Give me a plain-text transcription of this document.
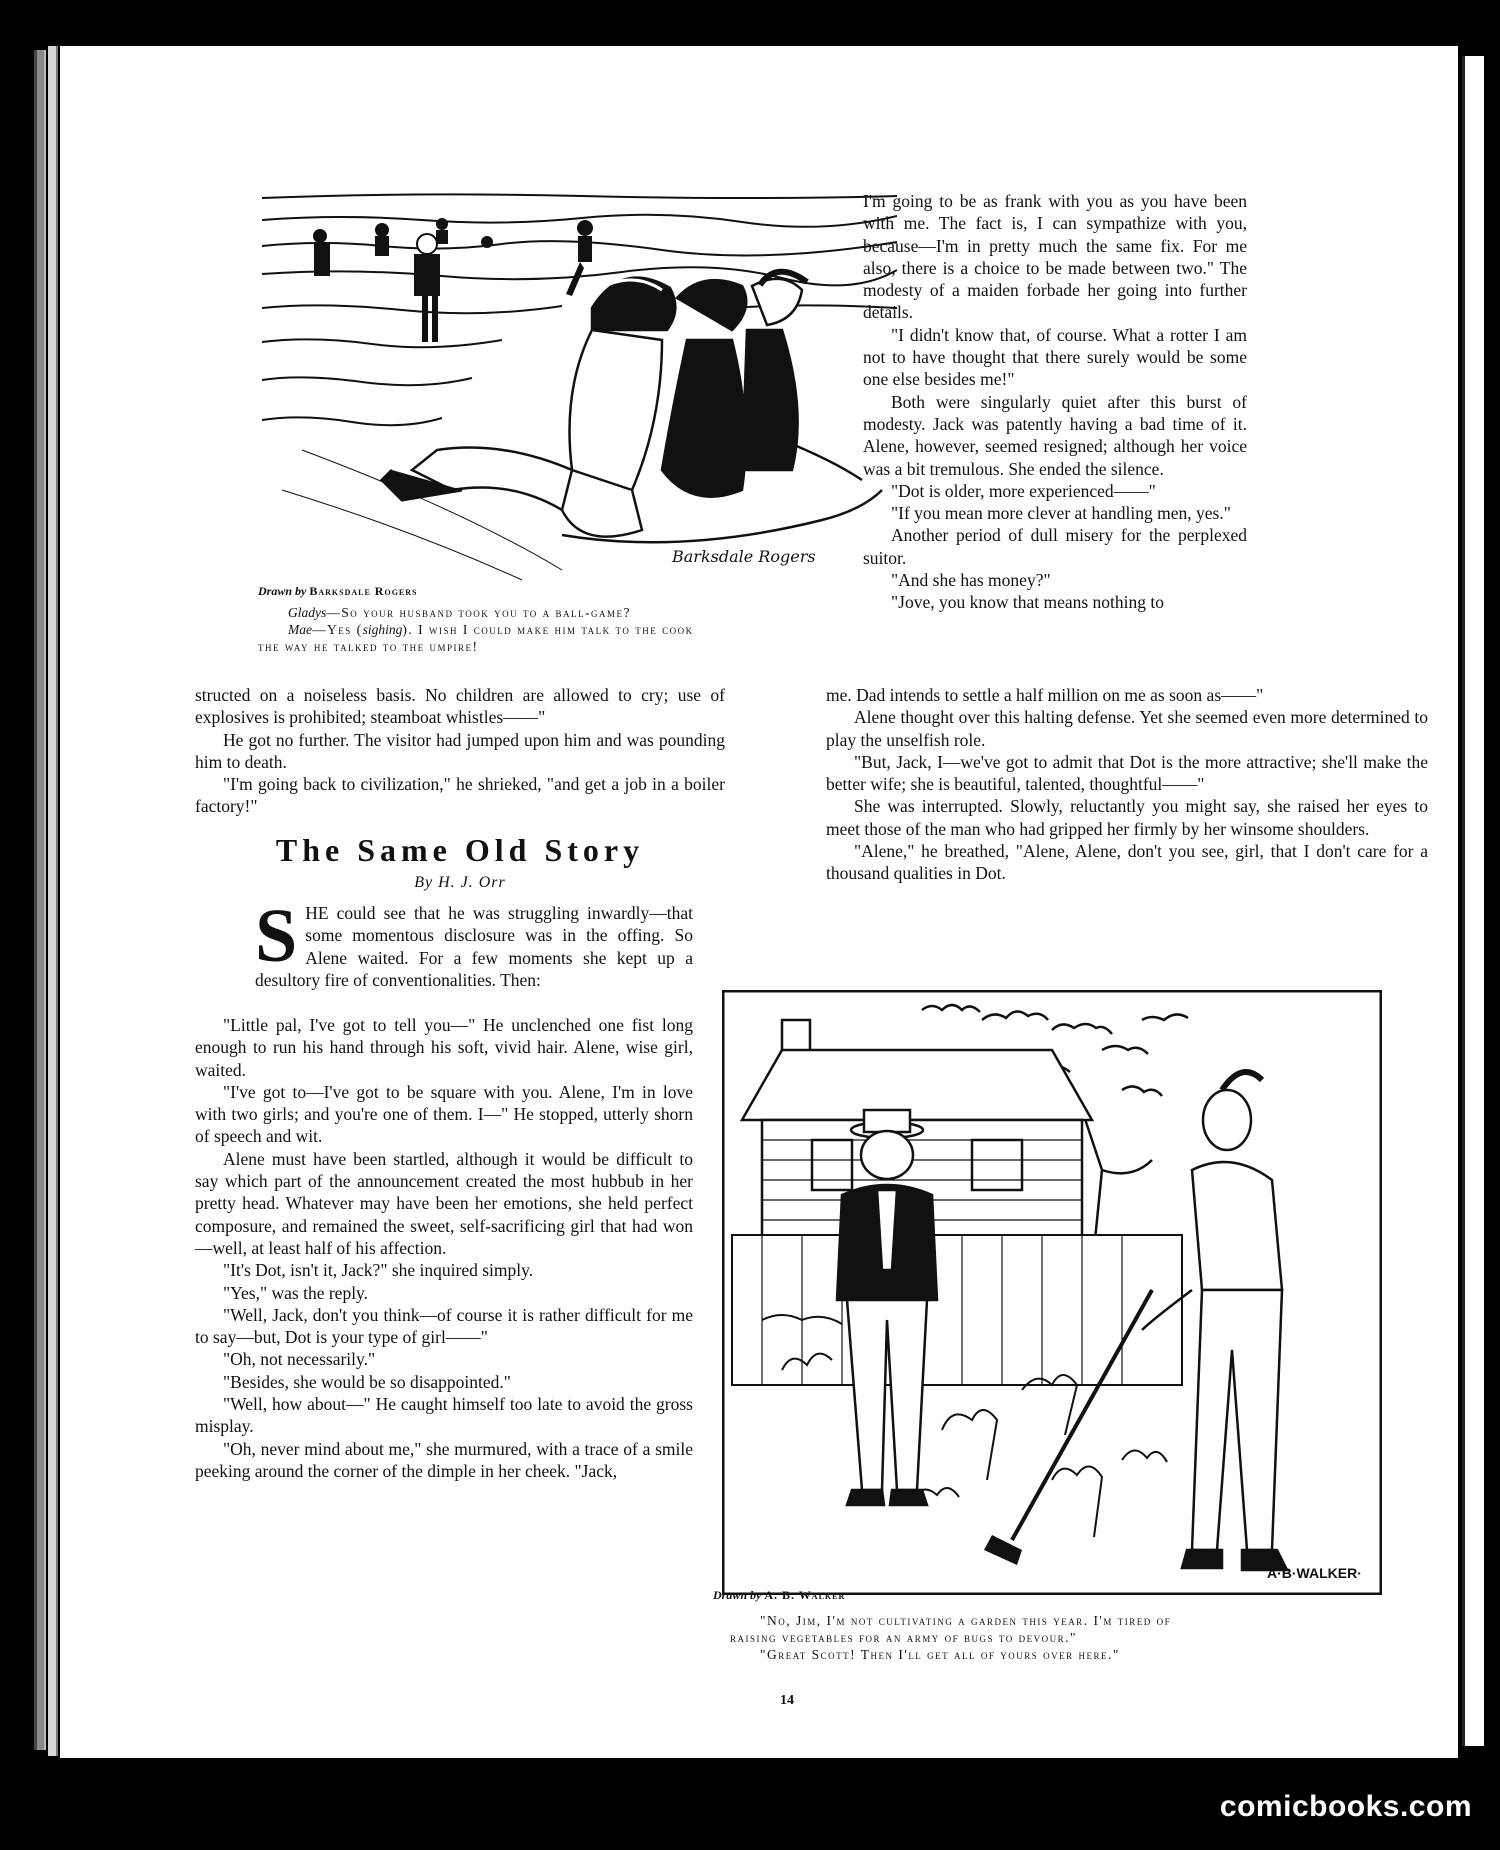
Barksdale Rogers
Drawn by Barksdale Rogers

Gladys—So your husband took you to a ball-game?

Mae—Yes (sighing). I wish I could make him talk to the cook

the way he talked to the umpire!

I'm going to be as frank with you as you have been with me. The fact is, I can sympathize with you, because—I'm in pretty much the same fix. For me also, there is a choice to be made between two." The modesty of a maiden forbade her going into further details.

"I didn't know that, of course. What a rotter I am not to have thought that there surely would be some one else besides me!"

Both were singularly quiet after this burst of modesty. Jack was patently having a bad time of it. Alene, however, seemed resigned; although her voice was a bit tremulous. She ended the silence.

"Dot is older, more experienced——"

"If you mean more clever at handling men, yes."

Another period of dull misery for the perplexed suitor.

"And she has money?"

"Jove, you know that means nothing to

structed on a noiseless basis. No children are allowed to cry; use of explosives is prohibited; steamboat whistles——"

He got no further. The visitor had jumped upon him and was pounding him to death.

"I'm going back to civilization," he shrieked, "and get a job in a boiler factory!"

The Same Old Story
By H. J. Orr

SHE could see that he was struggling inwardly—that some momentous disclosure was in the offing. So Alene waited. For a few moments she kept up a desultory fire of conventionalities. Then:

"Little pal, I've got to tell you—" He unclenched one fist long enough to run his hand through his soft, vivid hair. Alene, wise girl, waited.

"I've got to—I've got to be square with you. Alene, I'm in love with two girls; and you're one of them. I—" He stopped, utterly shorn of speech and wit.

Alene must have been startled, although it would be difficult to say which part of the announcement created the most hubbub in her pretty head. Whatever may have been her emotions, she held perfect composure, and remained the sweet, self-sacrificing girl that had won—well, at least half of his affection.

"It's Dot, isn't it, Jack?" she inquired simply.

"Yes," was the reply.

"Well, Jack, don't you think—of course it is rather difficult for me to say—but, Dot is your type of girl——"

"Oh, not necessarily."

"Besides, she would be so disappointed."

"Well, how about—" He caught himself too late to avoid the gross misplay.

"Oh, never mind about me," she murmured, with a trace of a smile peeking around the corner of the dimple in her cheek. "Jack,

me. Dad intends to settle a half million on me as soon as——"

Alene thought over this halting defense. Yet she seemed even more determined to play the unselfish role.

"But, Jack, I—we've got to admit that Dot is the more attractive; she'll make the better wife; she is beautiful, talented, thoughtful——"

She was interrupted. Slowly, reluctantly you might say, she raised her eyes to meet those of the man who had gripped her firmly by her winsome shoulders.

"Alene," he breathed, "Alene, Alene, don't you see, girl, that I don't care for a thousand qualities in Dot.

A·B·WALKER·
Drawn by A. B. Walker

"No, Jim, I'm not cultivating a garden this year. I'm tired of

raising vegetables for an army of bugs to devour."

"Great Scott! Then I'll get all of yours over here."

14
comicbooks.com
